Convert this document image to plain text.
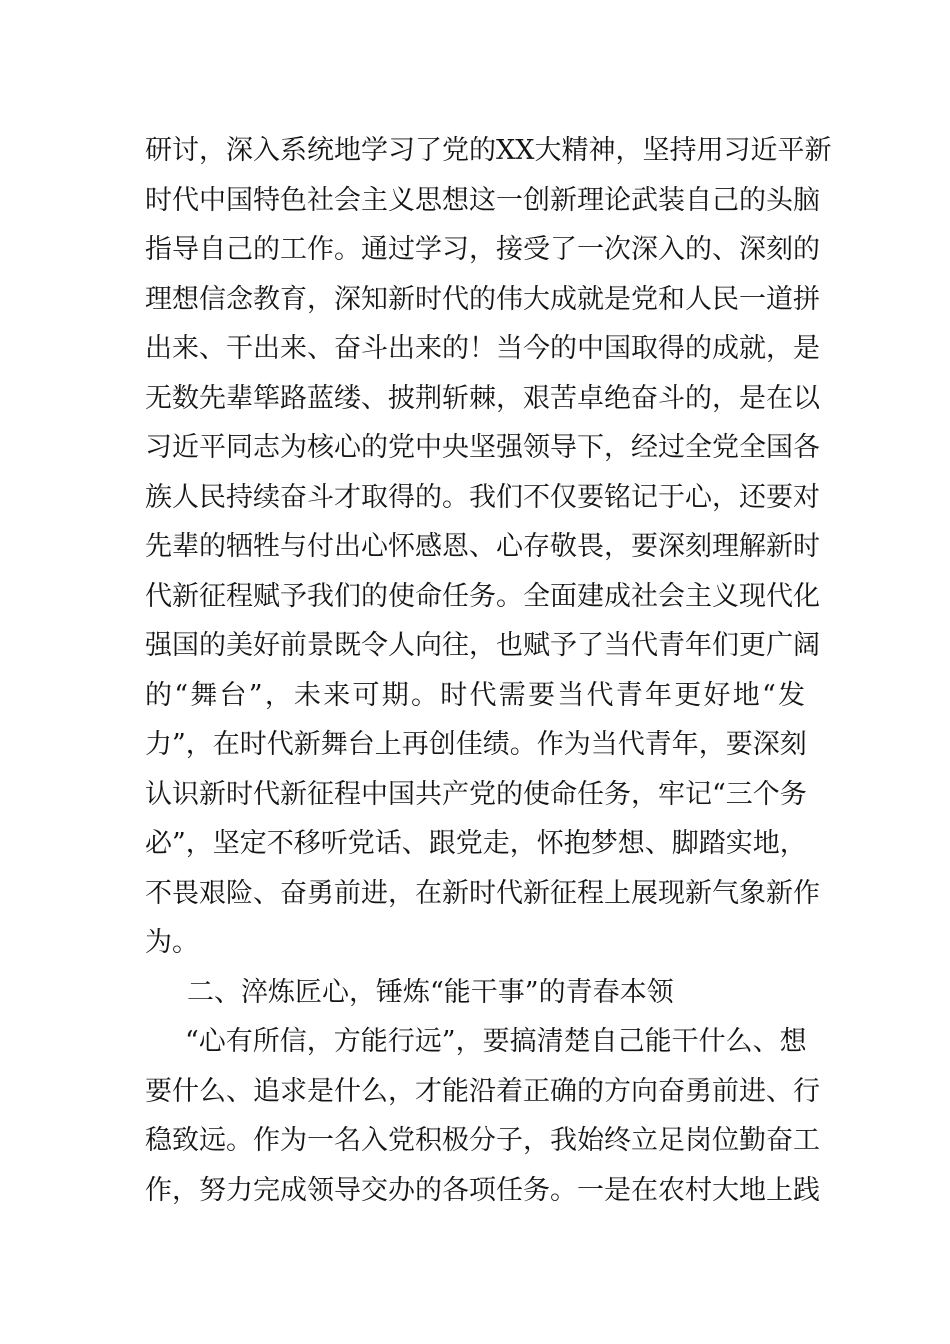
研讨，深入系统地学习了党的XX大精神，坚持用习近平新
时代中国特色社会主义思想这一创新理论武装自己的头脑
指导自己的工作。通过学习，接受了一次深入的、深刻的
理想信念教育，深知新时代的伟大成就是党和人民一道拼
出来、干出来、奋斗出来的！当今的中国取得的成就，是
无数先辈筚路蓝缕、披荆斩棘，艰苦卓绝奋斗的，是在以
习近平同志为核心的党中央坚强领导下，经过全党全国各
族人民持续奋斗才取得的。我们不仅要铭记于心，还要对
先辈的牺牲与付出心怀感恩、心存敬畏，要深刻理解新时
代新征程赋予我们的使命任务。全面建成社会主义现代化
强国的美好前景既令人向往，也赋予了当代青年们更广阔
的“舞台”，未来可期。时代需要当代青年更好地“发
力”，在时代新舞台上再创佳绩。作为当代青年，要深刻
认识新时代新征程中国共产党的使命任务，牢记“三个务
必”，坚定不移听党话、跟党走，怀抱梦想、脚踏实地，
不畏艰险、奋勇前进，在新时代新征程上展现新气象新作
为。
二、淬炼匠心，锤炼“能干事”的青春本领
“心有所信，方能行远”，要搞清楚自己能干什么、想
要什么、追求是什么，才能沿着正确的方向奋勇前进、行
稳致远。作为一名入党积极分子，我始终立足岗位勤奋工
作，努力完成领导交办的各项任务。一是在农村大地上践
